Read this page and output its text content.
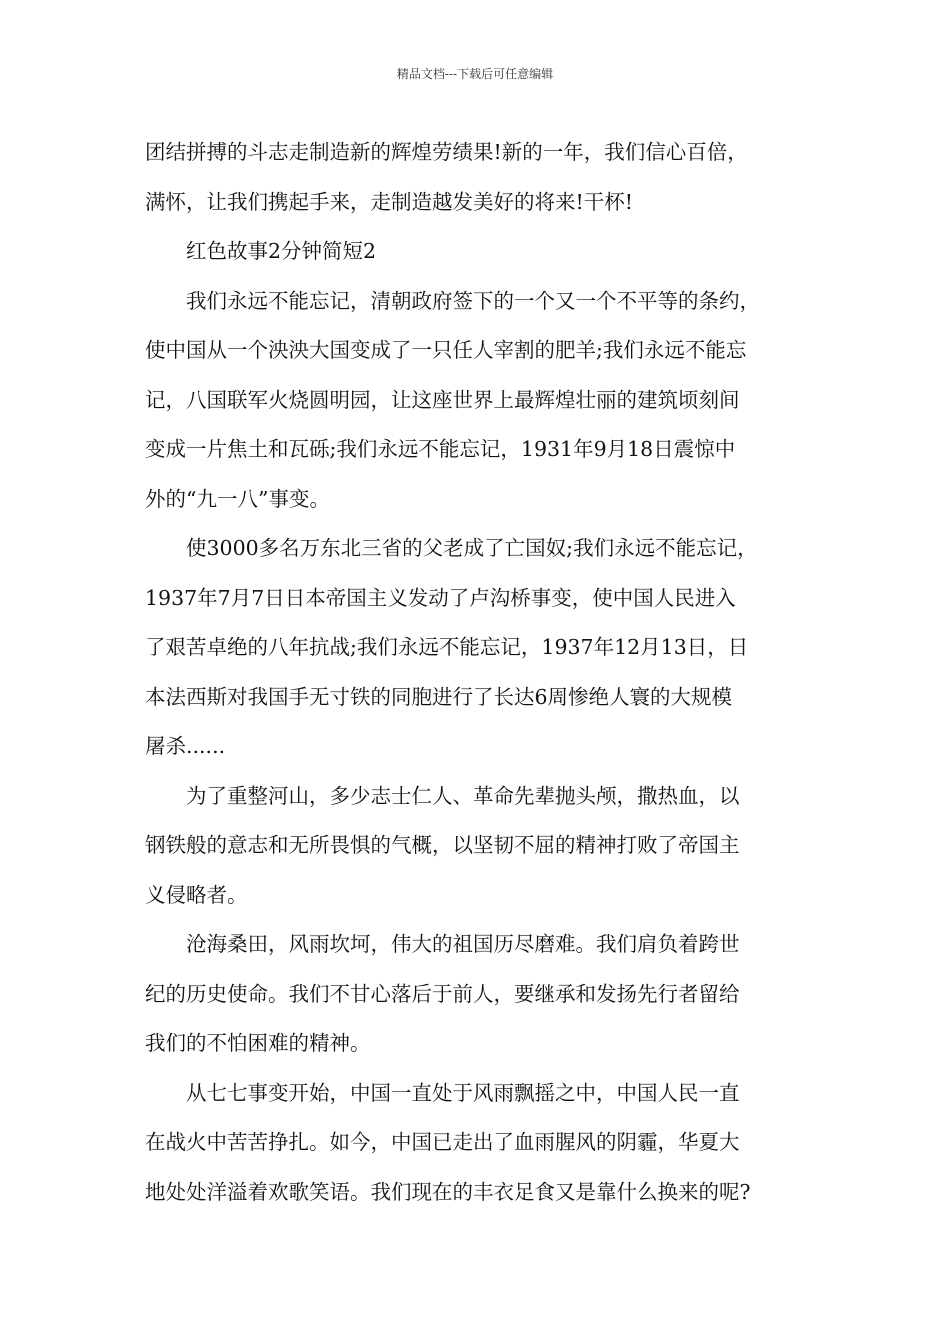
精品文档---下载后可任意编辑

团结拼搏的斗志走制造新的辉煌劳绩果!新的一年，我们信心百倍，
满怀，让我们携起手来，走制造越发美好的将来!干杯!

红色故事2分钟简短2

我们永远不能忘记，清朝政府签下的一个又一个不平等的条约，
使中国从一个泱泱大国变成了一只任人宰割的肥羊;我们永远不能忘
记，八国联军火烧圆明园，让这座世界上最辉煌壮丽的建筑顷刻间
变成一片焦土和瓦砾;我们永远不能忘记，1931年9月18日震惊中
外的“九一八”事变。

使3000多名万东北三省的父老成了亡国奴;我们永远不能忘记，
1937年7月7日日本帝国主义发动了卢沟桥事变，使中国人民进入
了艰苦卓绝的八年抗战;我们永远不能忘记，1937年12月13日，日
本法西斯对我国手无寸铁的同胞进行了长达6周惨绝人寰的大规模
屠杀......

为了重整河山，多少志士仁人、革命先辈抛头颅，撒热血，以
钢铁般的意志和无所畏惧的气概，以坚韧不屈的精神打败了帝国主
义侵略者。

沧海桑田，风雨坎坷，伟大的祖国历尽磨难。我们肩负着跨世
纪的历史使命。我们不甘心落后于前人，要继承和发扬先行者留给
我们的不怕困难的精神。

从七七事变开始，中国一直处于风雨飘摇之中，中国人民一直
在战火中苦苦挣扎。如今，中国已走出了血雨腥风的阴霾，华夏大
地处处洋溢着欢歌笑语。我们现在的丰衣足食又是靠什么换来的呢?
